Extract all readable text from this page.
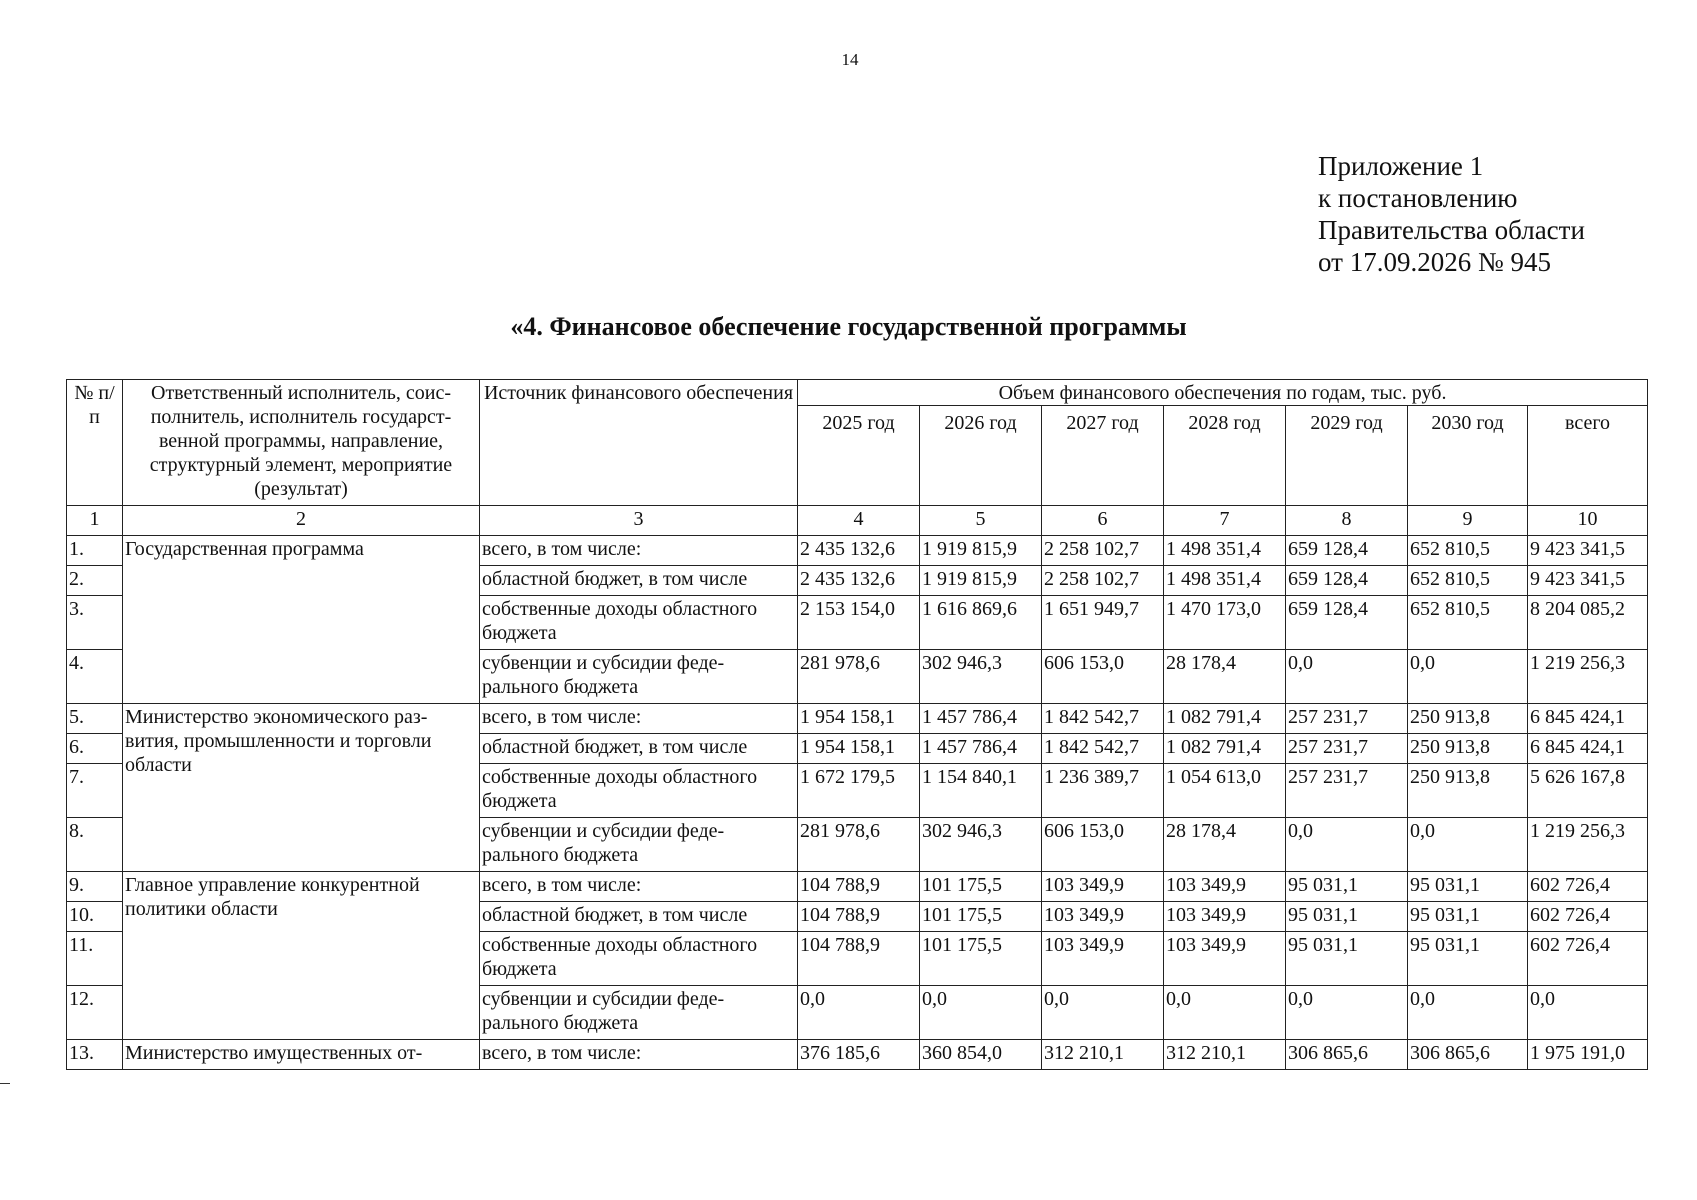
14
Приложение 1
к постановлению
Правительства области
от 17.09.2026 № 945
«4. Финансовое обеспечение государственной программы
№ п/п	Ответственный исполнитель, соис-полнитель, исполнитель государст-венной программы, направление, структурный элемент, мероприятие (результат)	Источник финансового обеспечения	Объем финансового обеспечения по годам, тыс. руб.						
			2025 год	2026 год	2027 год	2028 год	2029 год	2030 год	всего
1	2	3	4	5	6	7	8	9	10
1.	Государственная программа	всего, в том числе:	2 435 132,6	1 919 815,9	2 258 102,7	1 498 351,4	659 128,4	652 810,5	9 423 341,5
2.		областной бюджет, в том числе	2 435 132,6	1 919 815,9	2 258 102,7	1 498 351,4	659 128,4	652 810,5	9 423 341,5
3.		собственные доходы областного бюджета	2 153 154,0	1 616 869,6	1 651 949,7	1 470 173,0	659 128,4	652 810,5	8 204 085,2
4.		субвенции и субсидии феде-рального бюджета	281 978,6	302 946,3	606 153,0	28 178,4	0,0	0,0	1 219 256,3
5.	Министерство экономического раз-вития, промышленности и торговли области	всего, в том числе:	1 954 158,1	1 457 786,4	1 842 542,7	1 082 791,4	257 231,7	250 913,8	6 845 424,1
6.		областной бюджет, в том числе	1 954 158,1	1 457 786,4	1 842 542,7	1 082 791,4	257 231,7	250 913,8	6 845 424,1
7.		собственные доходы областного бюджета	1 672 179,5	1 154 840,1	1 236 389,7	1 054 613,0	257 231,7	250 913,8	5 626 167,8
8.		субвенции и субсидии феде-рального бюджета	281 978,6	302 946,3	606 153,0	28 178,4	0,0	0,0	1 219 256,3
9.	Главное управление конкурентной политики области	всего, в том числе:	104 788,9	101 175,5	103 349,9	103 349,9	95 031,1	95 031,1	602 726,4
10.		областной бюджет, в том числе	104 788,9	101 175,5	103 349,9	103 349,9	95 031,1	95 031,1	602 726,4
11.		собственные доходы областного бюджета	104 788,9	101 175,5	103 349,9	103 349,9	95 031,1	95 031,1	602 726,4
12.		субвенции и субсидии феде-рального бюджета	0,0	0,0	0,0	0,0	0,0	0,0	0,0
13.	Министерство имущественных от-	всего, в том числе:	376 185,6	360 854,0	312 210,1	312 210,1	306 865,6	306 865,6	1 975 191,0
